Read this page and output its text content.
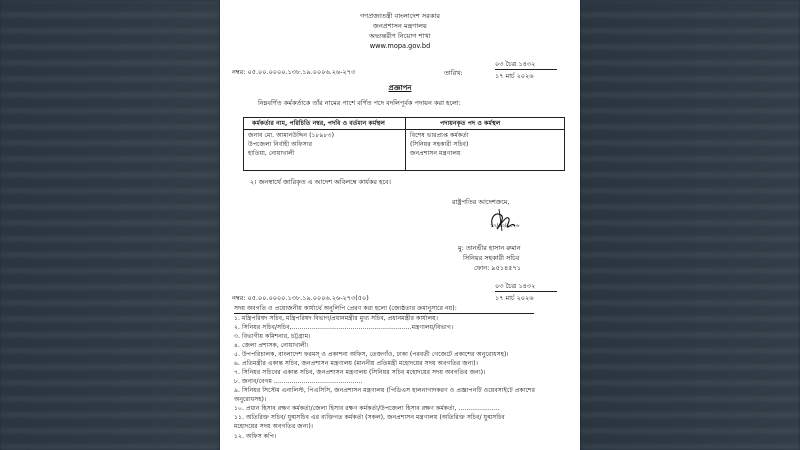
গণপ্রজাতন্ত্রী বাংলাদেশ সরকার
জনপ্রশাসন মন্ত্রণালয়
অভ্যন্তরীণ নিয়োগ শাখা
www.mopa.gov.bd
নম্বর: ০৫.০০.০০০০.১৩৮.১৯.০০০৬.২৬-২৭৩	তারিখ:
০৩ চৈত্র ১৪৩২
১৭ মার্চ ২০২৬
প্রজ্ঞাপন
নিম্নবর্ণিত কর্মকর্তাকে তাঁর নামের পাশে বর্ণিত পদে বদলিপূর্বক পদায়ন করা হলো:
কর্মকর্তার নাম, পরিচিতি নম্বর, পদবি ও বর্তমান কর্মস্থল	পদায়নকৃত পদ ও কর্মস্থল
জনাব মো. আমানউদ্দিন (১৮৯৮৩)
উপজেলা নির্বাহী অফিসার
হাতিয়া, নোয়াখালী
বিশেষ ভারপ্রাপ্ত কর্মকর্তা
(সিনিয়র সহকারী সচিব)
জনপ্রশাসন মন্ত্রণালয়
২। জনস্বার্থে জারিকৃত এ আদেশ অবিলম্বে কার্যকর হবে।
রাষ্ট্রপতির আদেশক্রমে,
১৭/০৩/২০২৬
মু: তানভীর হাসান রুমান
সিনিয়র সহকারী সচিব
ফোন: ৯৫১৪৫৭১
নম্বর: ০৫.০০.০০০০.১৩৮.১৯.০০০৬.২৬-২৭৩(৫০)
০৩ চৈত্র ১৪৩২
১৭ মার্চ ২০২৬
সদয় অবগতি ও প্রয়োজনীয় কার্যার্থে অনুলিপি প্রেরণ করা হলো (জ্যেষ্ঠতার ক্রমানুসারে নয়):
১. মন্ত্রিপরিষদ সচিব, মন্ত্রিপরিষদ বিভাগ/প্রধানমন্ত্রীর মুখ্য সচিব, প্রধানমন্ত্রীর কার্যালয়।
২. সিনিয়র সচিব/সচিব,.............................................................মন্ত্রণালয়/বিভাগ।
৩. বিভাগীয় কমিশনার, চট্টগ্রাম।
৪. জেলা প্রশাসক, নোয়াখালী।
৫. উপপরিচালক, বাংলাদেশ ফরমস্ ও প্রকাশনা অফিস, তেজগাঁও, ঢাকা (পরবর্তী গেজেটে প্রকাশের অনুরোধসহ)।
৬. প্রতিমন্ত্রীর একান্ত সচিব, জনপ্রশাসন মন্ত্রণালয় (মাননীয় প্রতিমন্ত্রী মহোদয়ের সদয় অবগতির জন্য)।
৭. সিনিয়র সচিবের একান্ত সচিব, জনপ্রশাসন মন্ত্রণালয় (সিনিয়র সচিব মহোদয়ের সদয় অবগতির জন্য)।
৮. জনাব/বেগম .............................................
৯. সিনিয়র সিস্টেম এনালিস্ট, পিএসিসি, জনপ্রশাসন মন্ত্রণালয় (পিডিএস হালনাগাদকরণ ও প্রজ্ঞাপনটি ওয়েবসাইটে প্রকাশের
অনুরোধসহ)।
১০. প্রধান হিসাব রক্ষণ কর্মকর্তা/জেলা হিসাব রক্ষণ কর্মকর্তা/উপজেলা হিসাব রক্ষণ কর্মকর্তা, .....................
১১. অতিরিক্ত সচিব/ যুগ্মসচিব এর ব্যক্তিগত কর্মকর্তা (সকল), জনপ্রশাসন মন্ত্রণালয় (অতিরিক্ত সচিব/ যুগ্মসচিব
মহোদয়ের সদয় অবগতির জন্য)।
১২. অফিস কপি।
